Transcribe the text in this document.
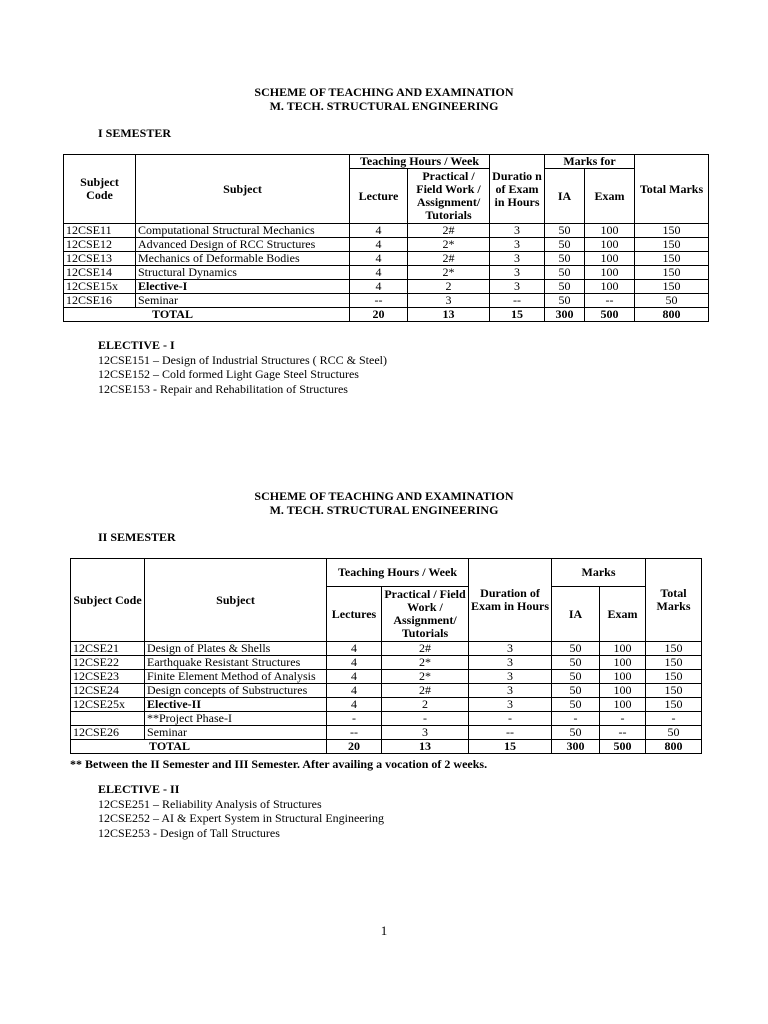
SCHEME OF TEACHING AND EXAMINATION
M. TECH. STRUCTURAL ENGINEERING
I SEMESTER
Subject Code	Subject	Teaching Hours / Week		Duratio n of Exam in Hours	Marks for		Total Marks
		Lecture	Practical / Field Work / Assignment/ Tutorials		IA	Exam	
12CSE11	Computational Structural Mechanics	4	2#	3	50	100	150
12CSE12	Advanced Design of RCC Structures	4	2*	3	50	100	150
12CSE13	Mechanics of Deformable Bodies	4	2#	3	50	100	150
12CSE14	Structural Dynamics	4	2*	3	50	100	150
12CSE15x	Elective-I	4	2	3	50	100	150
12CSE16	Seminar	--	3	--	50	--	50
TOTAL		20	13	15	300	500	800
ELECTIVE - I
12CSE151 – Design of Industrial Structures ( RCC & Steel)
12CSE152 – Cold formed Light Gage Steel Structures
12CSE153 - Repair and Rehabilitation of Structures
SCHEME OF TEACHING AND EXAMINATION
M. TECH. STRUCTURAL ENGINEERING
II SEMESTER
Subject Code	Subject	Teaching Hours / Week		Duration of Exam in Hours	Marks		Total Marks
		Lectures	Practical / Field Work / Assignment/ Tutorials		IA	Exam	
12CSE21	Design of Plates & Shells	4	2#	3	50	100	150
12CSE22	Earthquake Resistant Structures	4	2*	3	50	100	150
12CSE23	Finite Element Method of Analysis	4	2*	3	50	100	150
12CSE24	Design concepts of Substructures	4	2#	3	50	100	150
12CSE25x	Elective-II	4	2	3	50	100	150
	**Project Phase-I	-	-	-	-	-	-
12CSE26	Seminar	--	3	--	50	--	50
TOTAL		20	13	15	300	500	800
** Between the II Semester and III Semester. After availing a vocation of 2 weeks.
ELECTIVE - II
12CSE251 – Reliability Analysis of Structures
12CSE252 – AI & Expert System in Structural Engineering
12CSE253 - Design of Tall Structures
1
